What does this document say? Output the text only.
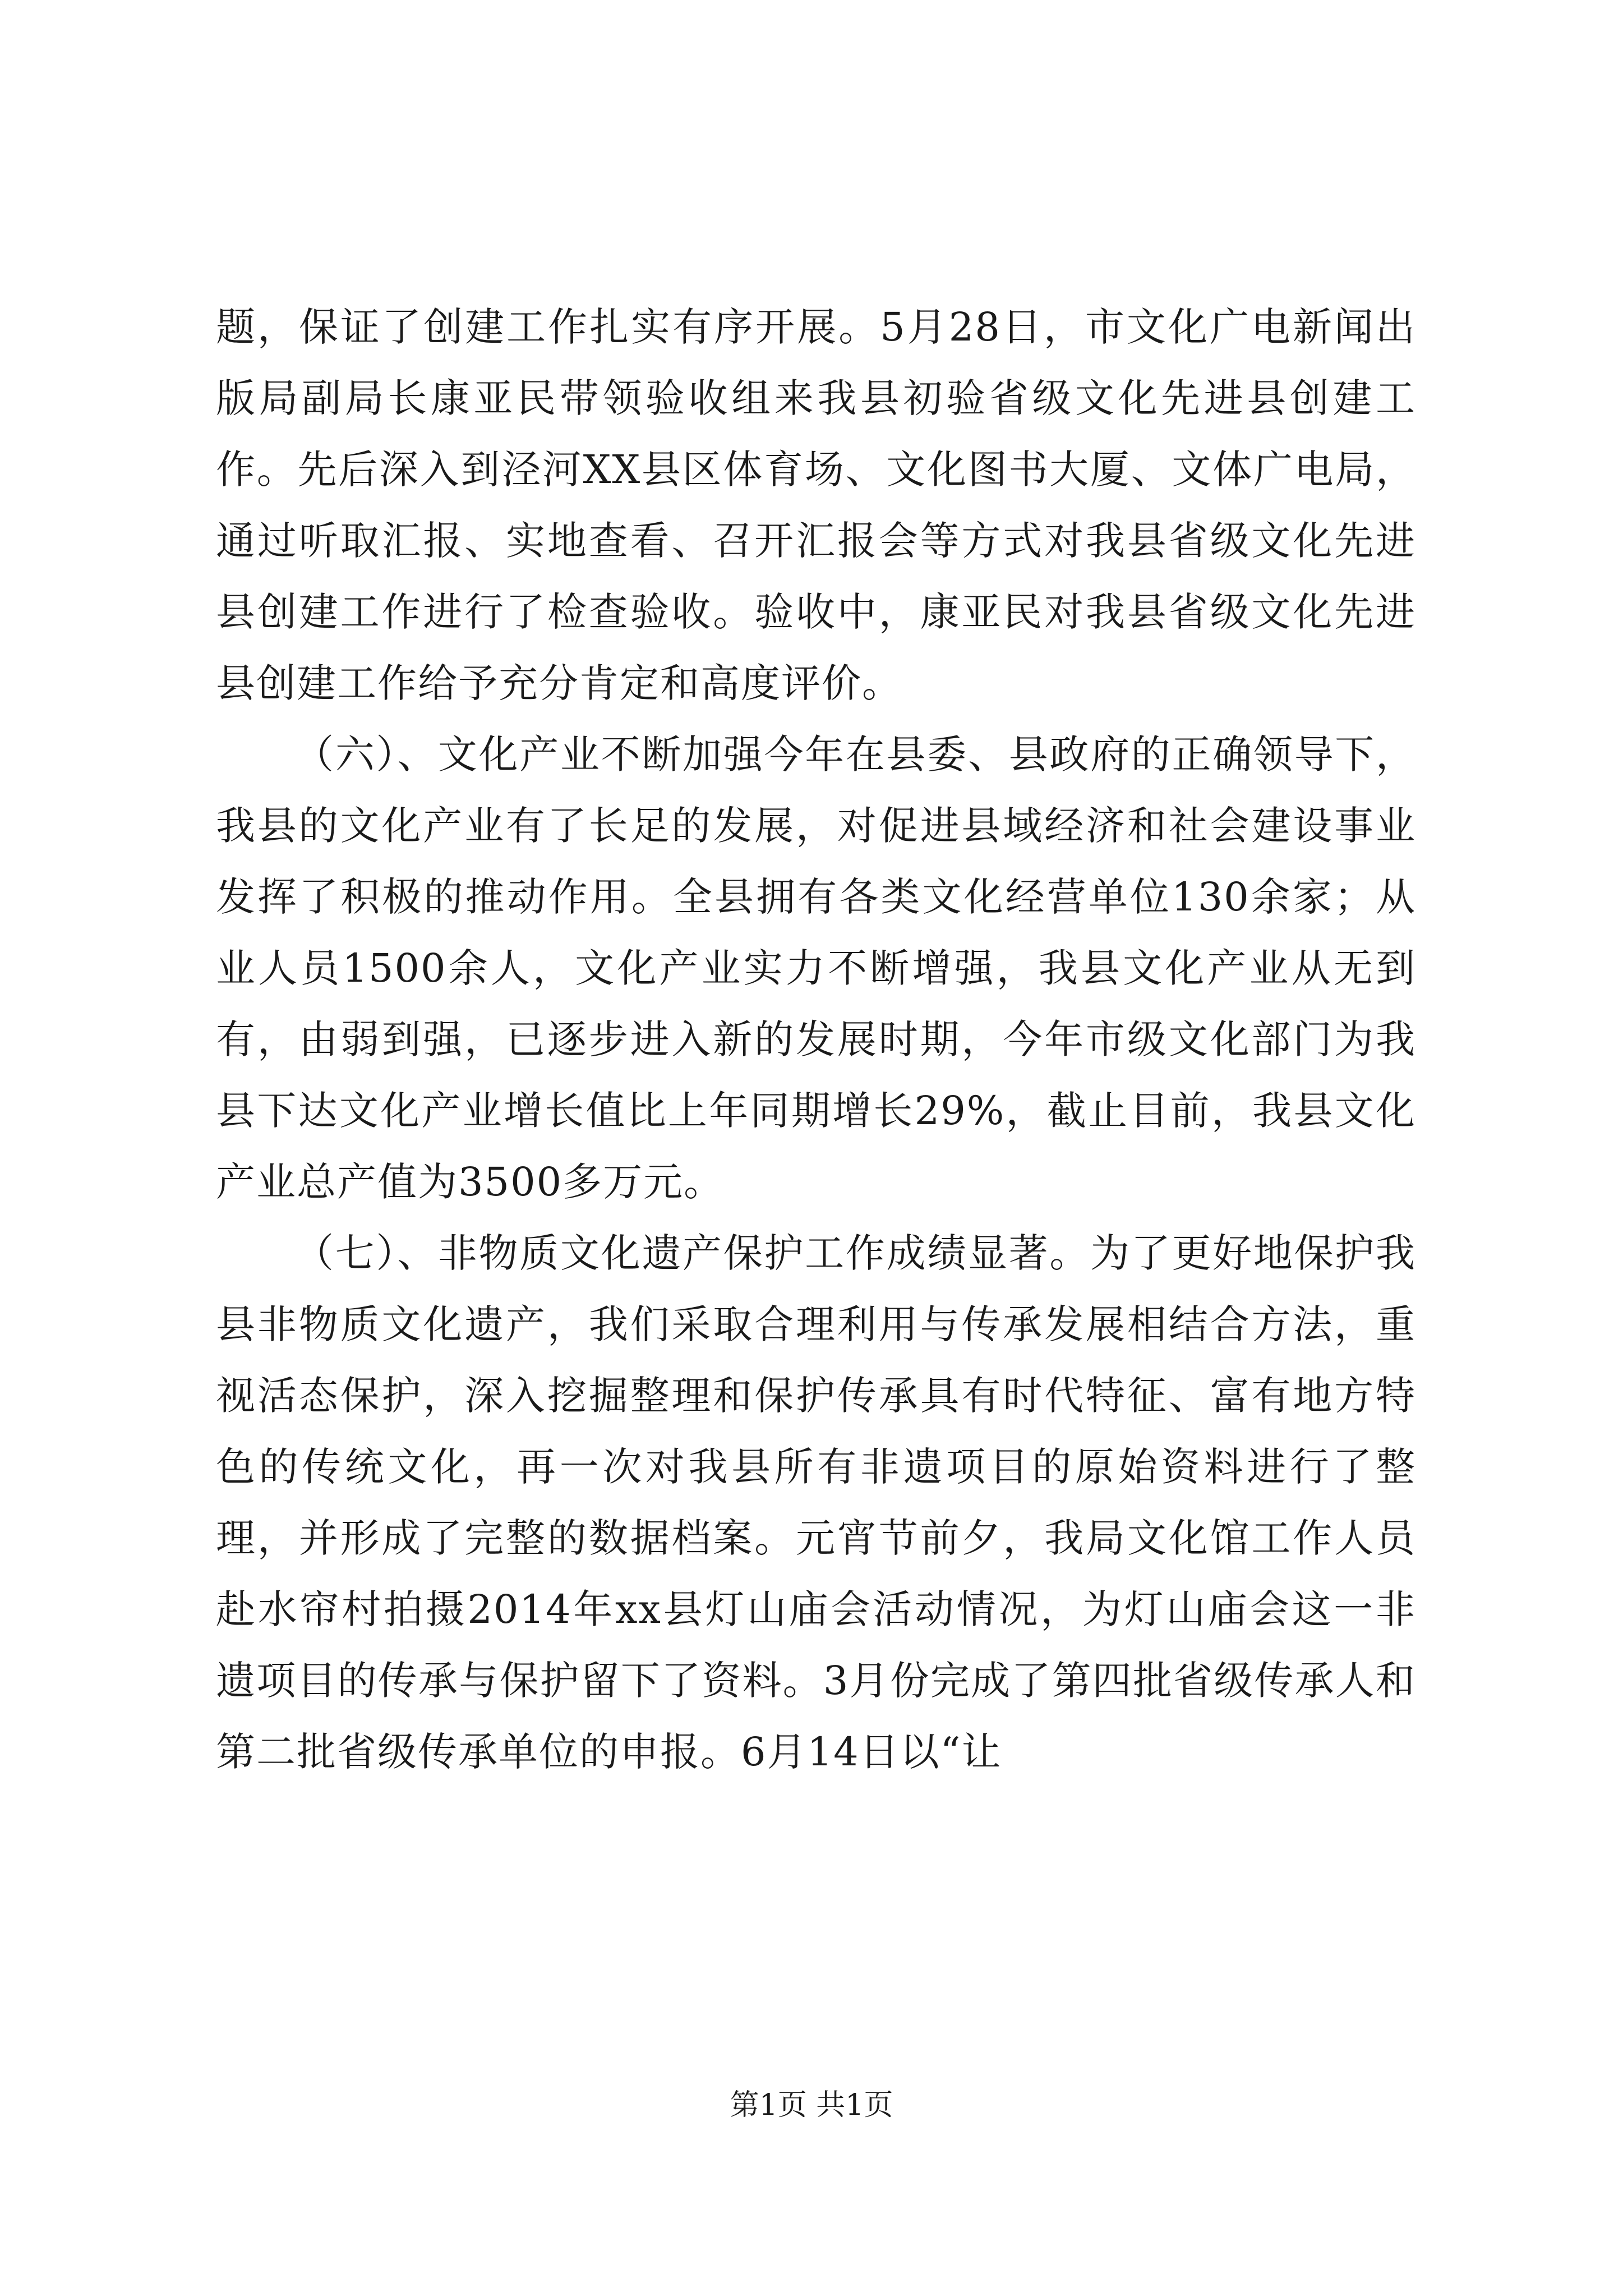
题，保证了创建工作扎实有序开展。5月28日，市文化广电新闻出版局副局长康亚民带领验收组来我县初验省级文化先进县创建工作。先后深入到泾河XX县区体育场、文化图书大厦、文体广电局，通过听取汇报、实地查看、召开汇报会等方式对我县省级文化先进县创建工作进行了检查验收。验收中，康亚民对我县省级文化先进县创建工作给予充分肯定和高度评价。

（六）、文化产业不断加强今年在县委、县政府的正确领导下，我县的文化产业有了长足的发展，对促进县域经济和社会建设事业发挥了积极的推动作用。全县拥有各类文化经营单位130余家；从业人员1500余人，文化产业实力不断增强，我县文化产业从无到有，由弱到强，已逐步进入新的发展时期，今年市级文化部门为我县下达文化产业增长值比上年同期增长29%，截止目前，我县文化产业总产值为3500多万元。

（七）、非物质文化遗产保护工作成绩显著。为了更好地保护我县非物质文化遗产，我们采取合理利用与传承发展相结合方法，重视活态保护，深入挖掘整理和保护传承具有时代特征、富有地方特色的传统文化，再一次对我县所有非遗项目的原始资料进行了整理，并形成了完整的数据档案。元宵节前夕，我局文化馆工作人员赴水帘村拍摄2014年xx县灯山庙会活动情况，为灯山庙会这一非遗项目的传承与保护留下了资料。3月份完成了第四批省级传承人和第二批省级传承单位的申报。6月14日以“让

第1页 共1页
